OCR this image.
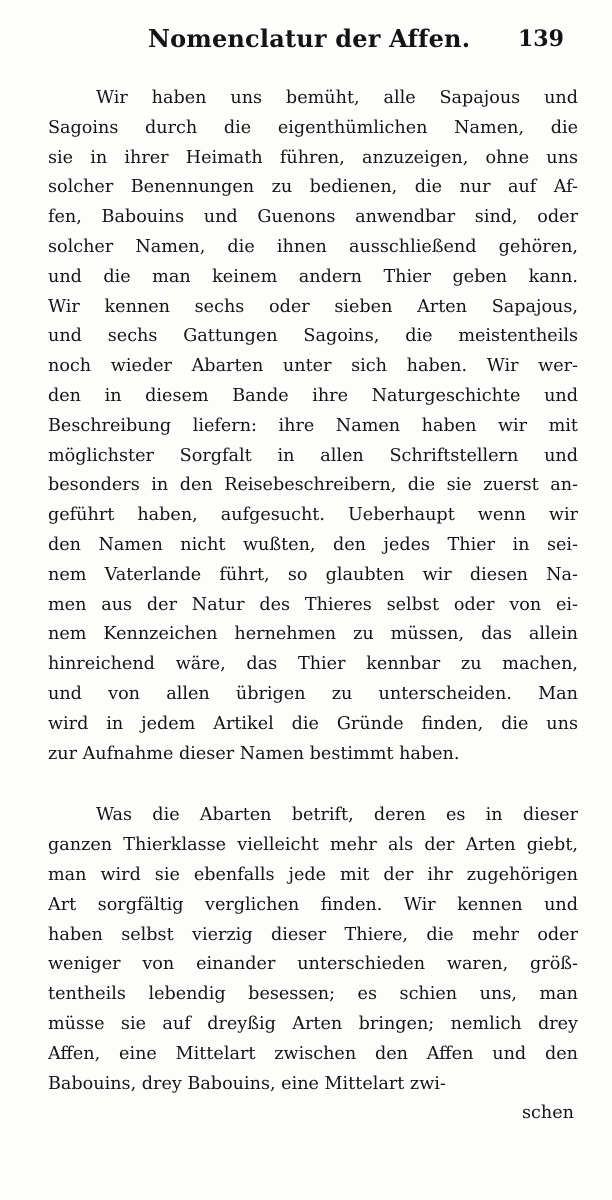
Nomenclatur der Affen. 139
Wir haben uns bemüht, alle Sapajous und
Sagoins durch die eigenthümlichen Namen, die
sie in ihrer Heimath führen, anzuzeigen, ohne uns
solcher Benennungen zu bedienen, die nur auf Af-
fen, Babouins und Guenons anwendbar sind, oder
solcher Namen, die ihnen ausschließend gehören,
und die man keinem andern Thier geben kann.
Wir kennen sechs oder sieben Arten Sapajous,
und sechs Gattungen Sagoins, die meistentheils
noch wieder Abarten unter sich haben. Wir wer-
den in diesem Bande ihre Naturgeschichte und
Beschreibung liefern: ihre Namen haben wir mit
möglichster Sorgfalt in allen Schriftstellern und
besonders in den Reisebeschreibern, die sie zuerst an-
geführt haben, aufgesucht. Ueberhaupt wenn wir
den Namen nicht wußten, den jedes Thier in sei-
nem Vaterlande führt, so glaubten wir diesen Na-
men aus der Natur des Thieres selbst oder von ei-
nem Kennzeichen hernehmen zu müssen, das allein
hinreichend wäre, das Thier kennbar zu machen,
und von allen übrigen zu unterscheiden. Man
wird in jedem Artikel die Gründe finden, die uns
zur Aufnahme dieser Namen bestimmt haben.
Was die Abarten betrift, deren es in dieser
ganzen Thierklasse vielleicht mehr als der Arten giebt,
man wird sie ebenfalls jede mit der ihr zugehörigen
Art sorgfältig verglichen finden. Wir kennen und
haben selbst vierzig dieser Thiere, die mehr oder
weniger von einander unterschieden waren, größ-
tentheils lebendig besessen; es schien uns, man
müsse sie auf dreyßig Arten bringen; nemlich drey
Affen, eine Mittelart zwischen den Affen und den
Babouins, drey Babouins, eine Mittelart zwi-
schen
